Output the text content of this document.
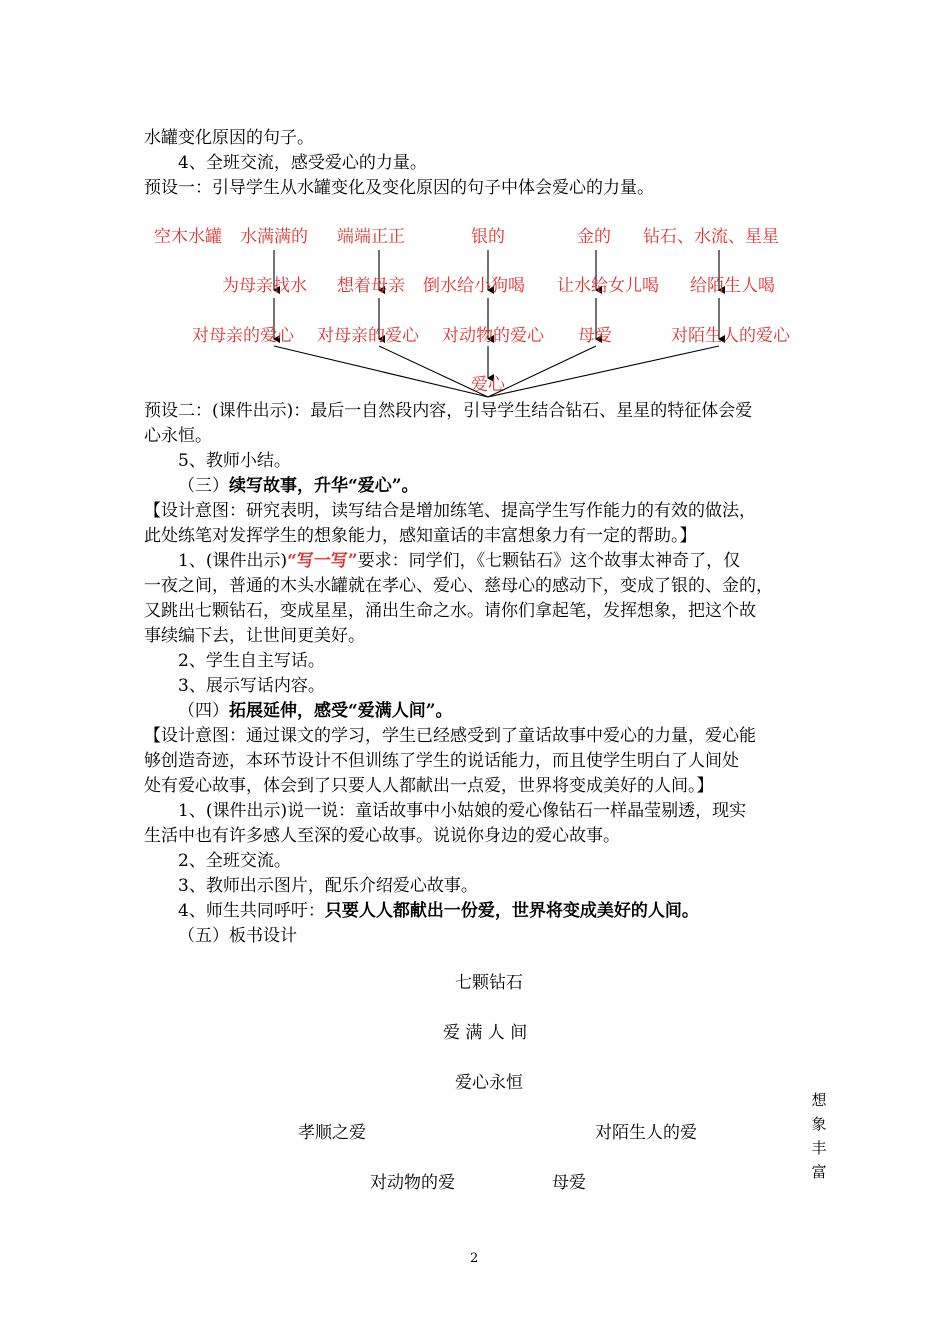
水罐变化原因的句子。
4、全班交流，感受爱心的力量。
预设一：引导学生从水罐变化及变化原因的句子中体会爱心的力量。
空木水罐 水满满的 端端正正	银的	金的 钻石、水流、星星
为母亲找水 想着母亲 倒水给小狗喝 让水给女儿喝 给陌生人喝
对母亲的爱心 对母亲的爱心 对动物的爱心 母爱	对陌生人的爱心
爱心
预设二：(课件出示)：最后一自然段内容，引导学生结合钻石、星星的特征体会爱
心永恒。
5、教师小结。
（三）续写故事，升华“爱心”。
【设计意图：研究表明，读写结合是增加练笔、提高学生写作能力的有效的做法，
此处练笔对发挥学生的想象能力，感知童话的丰富想象力有一定的帮助。】
1、(课件出示)“写一写”要求：同学们，《七颗钻石》这个故事太神奇了，仅
一夜之间，普通的木头水罐就在孝心、爱心、慈母心的感动下，变成了银的、金的，
又跳出七颗钻石，变成星星，涌出生命之水。请你们拿起笔，发挥想象，把这个故
事续编下去，让世间更美好。
2、学生自主写话。
3、展示写话内容。
（四）拓展延伸，感受“爱满人间”。
【设计意图：通过课文的学习，学生已经感受到了童话故事中爱心的力量，爱心能
够创造奇迹，本环节设计不但训练了学生的说话能力，而且使学生明白了人间处
处有爱心故事，体会到了只要人人都献出一点爱，世界将变成美好的人间。】
1、(课件出示)说一说：童话故事中小姑娘的爱心像钻石一样晶莹剔透，现实
生活中也有许多感人至深的爱心故事。说说你身边的爱心故事。
2、全班交流。
3、教师出示图片，配乐介绍爱心故事。
4、师生共同呼吁：只要人人都献出一份爱，世界将变成美好的人间。
（五）板书设计
七颗钻石
爱 满 人 间
爱心永恒
孝顺之爱	对陌生人的爱
对动物的爱	母爱
想
象
丰
富
2
